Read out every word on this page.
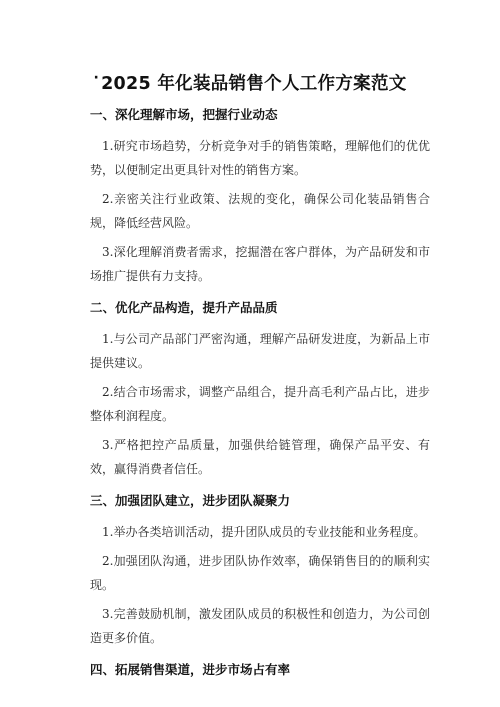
· 2025 年化装品销售个人工作方案范文

一、深化理解市场，把握行业动态

1.研究市场趋势，分析竞争对手的销售策略，理解他们的优优势，以便制定出更具针对性的销售方案。

2.亲密关注行业政策、法规的变化，确保公司化装品销售合规，降低经营风险。

3.深化理解消费者需求，挖掘潜在客户群体，为产品研发和市场推广提供有力支持。

二、优化产品构造，提升产品品质

1.与公司产品部门严密沟通，理解产品研发进度，为新品上市提供建议。

2.结合市场需求，调整产品组合，提升高毛利产品占比，进步整体利润程度。

3.严格把控产品质量，加强供给链管理，确保产品平安、有效，赢得消费者信任。

三、加强团队建立，进步团队凝聚力

1.举办各类培训活动，提升团队成员的专业技能和业务程度。

2.加强团队沟通，进步团队协作效率，确保销售目的的顺利实现。

3.完善鼓励机制，激发团队成员的积极性和创造力，为公司创造更多价值。

四、拓展销售渠道，进步市场占有率
